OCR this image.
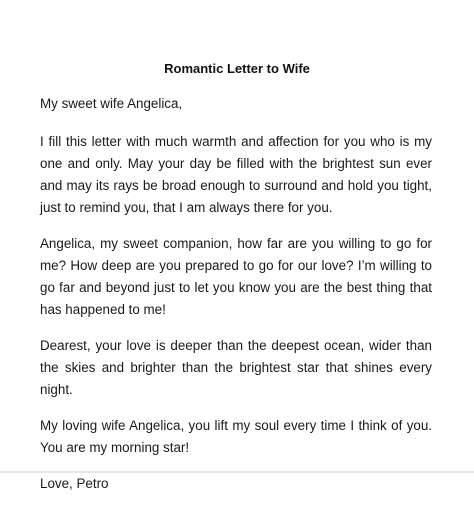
Romantic Letter to Wife

My sweet wife Angelica,

I fill this letter with much warmth and affection for you who is my one and only. May your day be filled with the brightest sun ever and may its rays be broad enough to surround and hold you tight, just to remind you, that I am always there for you.

Angelica, my sweet companion, how far are you willing to go for me? How deep are you prepared to go for our love? I’m willing to go far and beyond just to let you know you are the best thing that has happened to me!

Dearest, your love is deeper than the deepest ocean, wider than the skies and brighter than the brightest star that shines every night.

My loving wife Angelica, you lift my soul every time I think of you. You are my morning star!

Love, Petro
